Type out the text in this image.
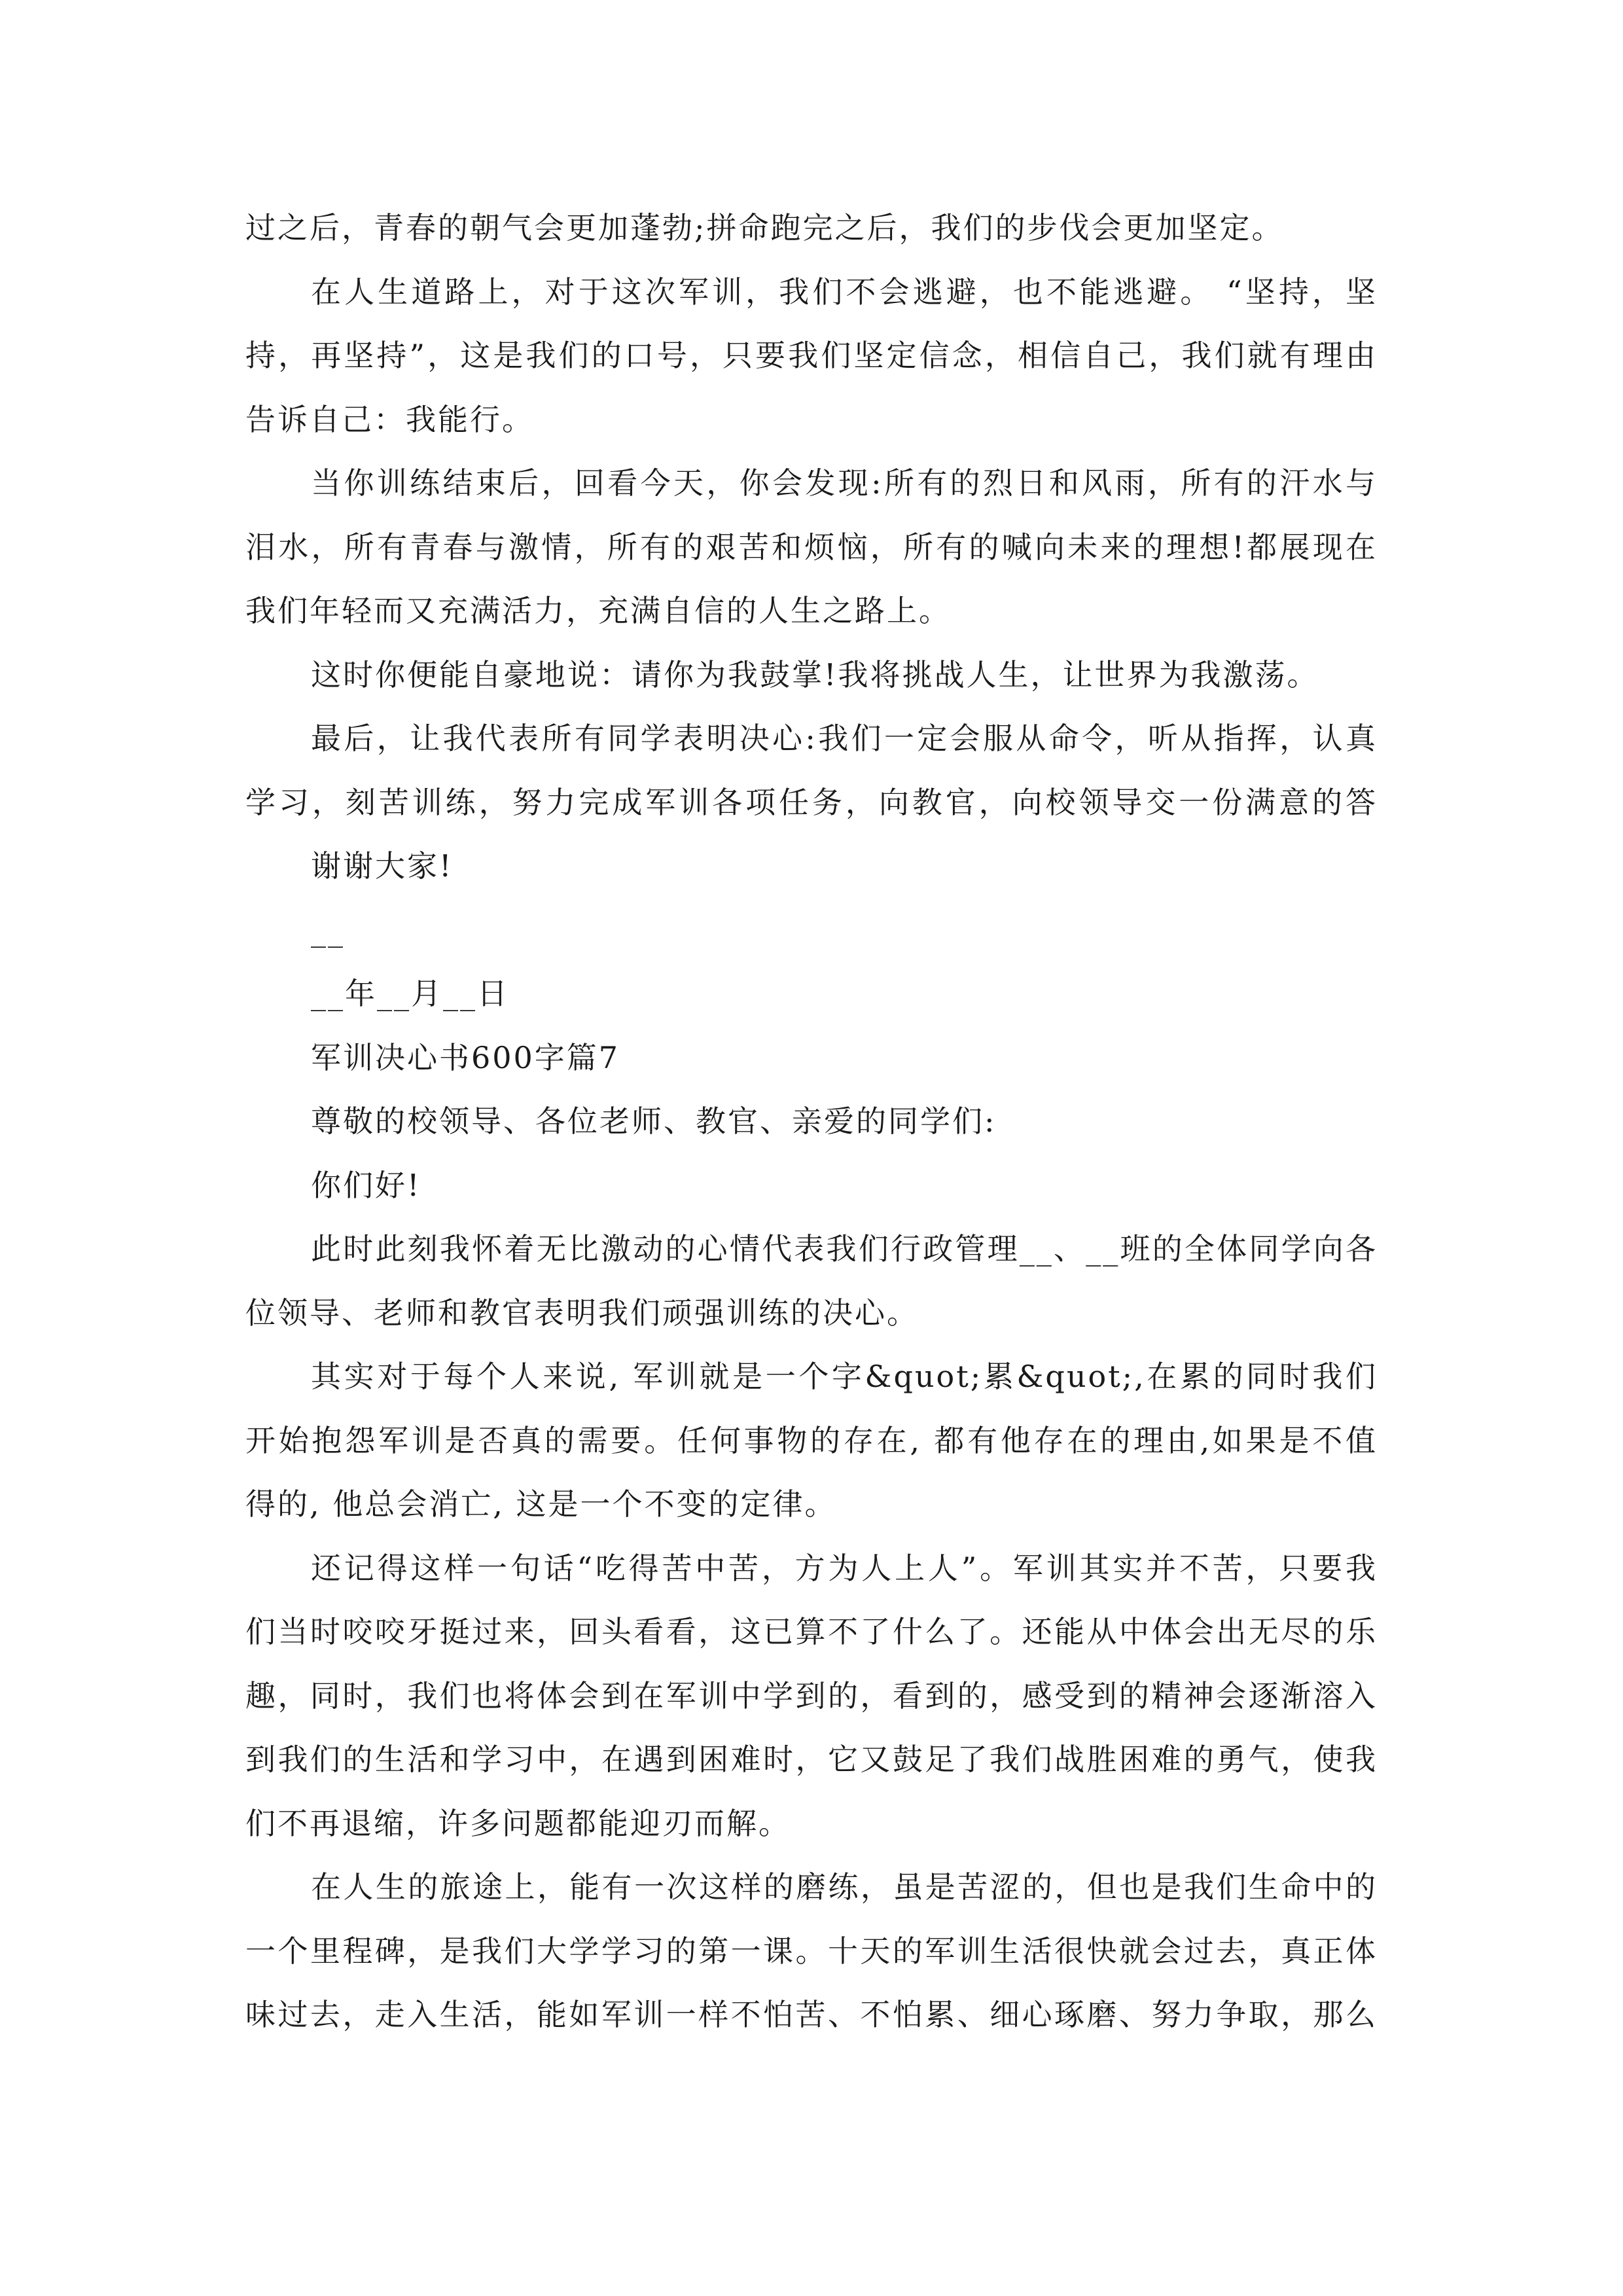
过之后，青春的朝气会更加蓬勃;拼命跑完之后，我们的步伐会更加坚定。

在人生道路上，对于这次军训，我们不会逃避，也不能逃避。 “坚持，坚

持，再坚持”，这是我们的口号，只要我们坚定信念，相信自己，我们就有理由

告诉自己：我能行。

当你训练结束后，回看今天，你会发现:所有的烈日和风雨，所有的汗水与

泪水，所有青春与激情，所有的艰苦和烦恼，所有的喊向未来的理想!都展现在

我们年轻而又充满活力，充满自信的人生之路上。

这时你便能自豪地说：请你为我鼓掌!我将挑战人生，让世界为我激荡。

最后，让我代表所有同学表明决心:我们一定会服从命令，听从指挥，认真

学习，刻苦训练，努力完成军训各项任务，向教官，向校领导交一份满意的答

谢谢大家!

__

__年__月__日

军训决心书600字篇7

尊敬的校领导、各位老师、教官、亲爱的同学们:

你们好!

此时此刻我怀着无比激动的心情代表我们行政管理__、__班的全体同学向各

位领导、老师和教官表明我们顽强训练的决心。

其实对于每个人来说, 军训就是一个字&quot;累&quot;,在累的同时我们

开始抱怨军训是否真的需要。任何事物的存在, 都有他存在的理由,如果是不值

得的, 他总会消亡, 这是一个不变的定律。

还记得这样一句话“吃得苦中苦，方为人上人”。军训其实并不苦，只要我

们当时咬咬牙挺过来，回头看看，这已算不了什么了。还能从中体会出无尽的乐

趣，同时，我们也将体会到在军训中学到的，看到的，感受到的精神会逐渐溶入

到我们的生活和学习中，在遇到困难时，它又鼓足了我们战胜困难的勇气，使我

们不再退缩，许多问题都能迎刃而解。

在人生的旅途上，能有一次这样的磨练，虽是苦涩的，但也是我们生命中的

一个里程碑，是我们大学学习的第一课。十天的军训生活很快就会过去，真正体

味过去，走入生活，能如军训一样不怕苦、不怕累、细心琢磨、努力争取，那么
